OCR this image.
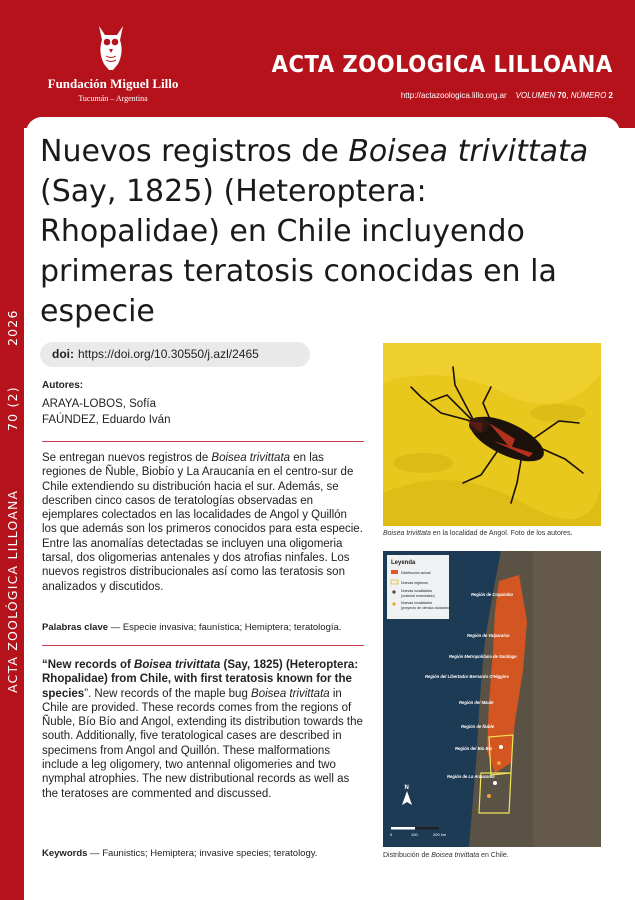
2026
70 (2)
ACTA ZOOLÓGICA LILLOANA
Fundación Miguel Lillo
Tucumán – Argentina
ACTA ZOOLOGICA LILLOANA
http://actazoologica.lillo.org.ar VOLUMEN 70, NÚMERO 2
Nuevos registros de Boisea trivittata (Say, 1825) (Heteroptera: Rhopalidae) en Chile incluyendo primeras teratosis conocidas en la especie
doi: https://doi.org/10.30550/j.azl/2465
Autores:
ARAYA-LOBOS, Sofía
FAÚNDEZ, Eduardo Iván
Se entregan nuevos registros de Boisea trivittata en las regiones de Ñuble, Biobío y La Araucanía en el centro-sur de Chile extendiendo su distribución hacia el sur. Además, se describen cinco casos de teratologías observadas en ejemplares colectados en las localidades de Angol y Quillón los que además son los primeros conocidos para esta especie. Entre las anomalías detectadas se incluyen una oligomeria tarsal, dos oligomerias antenales y dos atrofias ninfales. Los nuevos registros distribucionales así como las teratosis son analizados y discutidos.
Palabras clave — Especie invasiva; faunística; Hemiptera; teratología.
“New records of Boisea trivittata (Say, 1825) (Heteroptera: Rhopalidae) from Chile, with first teratosis known for the species”. New records of the maple bug Boisea trivittata in Chile are provided. These records comes from the regions of Ñuble, Bío Bío and Angol, extending its distribution towards the south. Additionally, five teratological cases are described in specimens from Angol and Quillón. These malformations include a leg oligomery, two antennal oligomeries and two nymphal atrophies. The new distributional records as well as the teratoses are commented and discussed.
Keywords — Faunistics; Hemiptera; invasive species; teratology.
Boisea trivittata en la localidad de Angol. Foto de los autores.
Leyenda
Distribución actual
Nuevas regiones
Nuevas localidades
(material examinado)
Nuevas localidades
(proyecto de ciencia ciudadana)
Región de Coquimbo
Región de Valparaíso
Región Metropolitana de Santiago
Región del Libertador Bernardo O'Higgins
Región del Maule
Región de Ñuble
Región del Bío Bío
Región de La Araucanía
N
0	100	200 km
Distribución de Boisea trivittata en Chile.
